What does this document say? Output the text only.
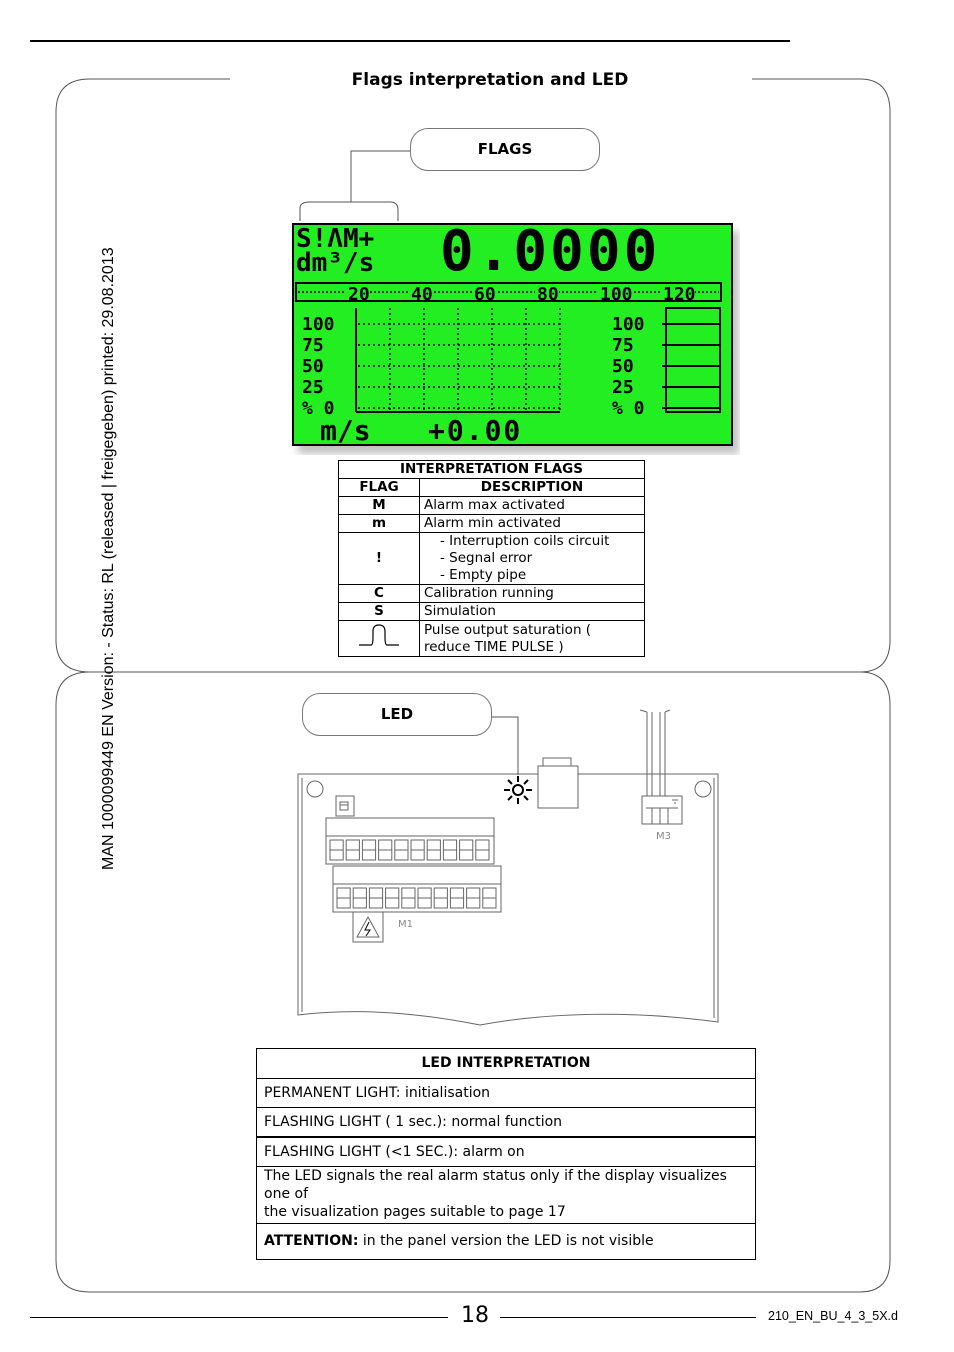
MAN 1000099449 EN Version: - Status: RL (released | freigegeben) printed: 29.08.2013
Flags interpretation and LED
FLAGS
S!ΛM+
dm³/s 0.0000
20 40 60 80 100 120
100
75
50
25
% 0
100
75
50
25
% 0
m/s +0.00
INTERPRETATION FLAGS	
FLAG	DESCRIPTION
M	Alarm max activated
m	Alarm min activated
!	- Interruption coils circuit
- Segnal error
- Empty pipe

C	Calibration running
S	Simulation

Pulse output saturation (
reduce TIME PULSE )
LED
M3
M1
LED INTERPRETATION
PERMANENT LIGHT: initialisation
FLASHING LIGHT ( 1 sec.): normal function
FLASHING LIGHT (<1 SEC.): alarm on
The LED signals the real alarm status only if the display visualizes one of
the visualization pages suitable to page 17
ATTENTION: in the panel version the LED is not visible
18	210_EN_BU_4_3_5X.d
